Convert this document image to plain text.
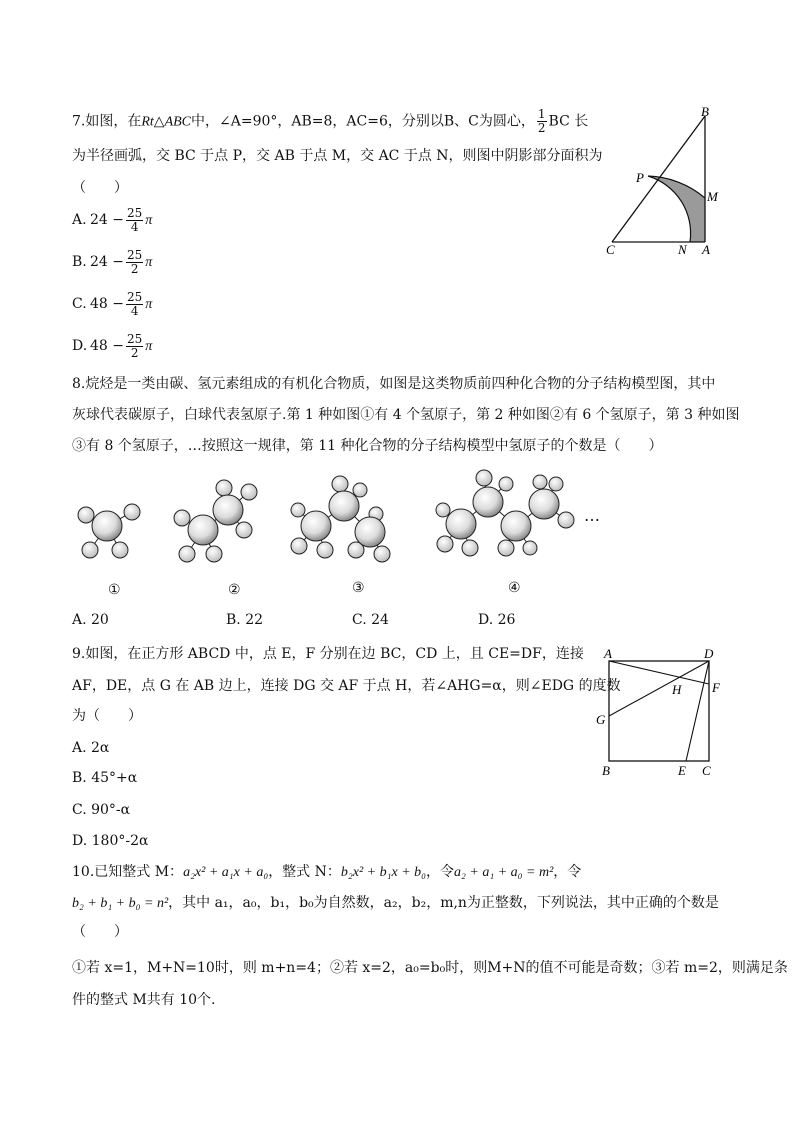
7.如图，在Rt△ABC中，∠A=90°，AB=8，AC=6，分别以B、C为圆心， $\frac{1}{2}$ BC 长
为半径画弧，交 BC 于点 P，交 AB 于点 M，交 AC 于点 N，则图中阴影部分面积为
（　　）
A. $24 - \frac{25}{4}$ π
B. $24 - \frac{25}{2}$ π
C. $48 - \frac{25}{4}$ π
D. $48 - \frac{25}{2}$ π
B
P
M
C	N A
8.烷烃是一类由碳、氢元素组成的有机化合物质，如图是这类物质前四种化合物的分子结构模型图，其中
灰球代表碳原子，白球代表氢原子.第 1 种如图①有 4 个氢原子，第 2 种如图②有 6 个氢原子，第 3 种如图
③有 8 个氢原子，…按照这一规律，第 11 种化合物的分子结构模型中氢原子的个数是（　　）
…
①	②	③	④
A. 20	B. 22	C. 24	D. 26
9.如图，在正方形 ABCD 中，点 E，F 分别在边 BC，CD 上，且 CE=DF，连接
AF，DE，点 G 在 AB 边上，连接 DG 交 AF 于点 H，若∠AHG=α，则∠EDG 的度数
为（　　）
A. 2α
B. 45°+α
C. 90°-α
D. 180°-2α
A	D
H F
G
B	E C
10.已知整式 M：a₂x² + a₁x + a₀，整式 N：b₂x² + b₁x + b₀，令a₂ + a₁ + a₀ = m²，令
b₂ + b₁ + b₀ = n²，其中 a₁，a₀，b₁，b₀为自然数，a₂，b₂，m,n为正整数，下列说法，其中正确的个数是
（　　）
①若 x=1，M+N=10时，则 m+n=4；②若 x=2，a₀=b₀时，则M+N的值不可能是奇数；③若 m=2，则满足条
件的整式 M共有 10个.
